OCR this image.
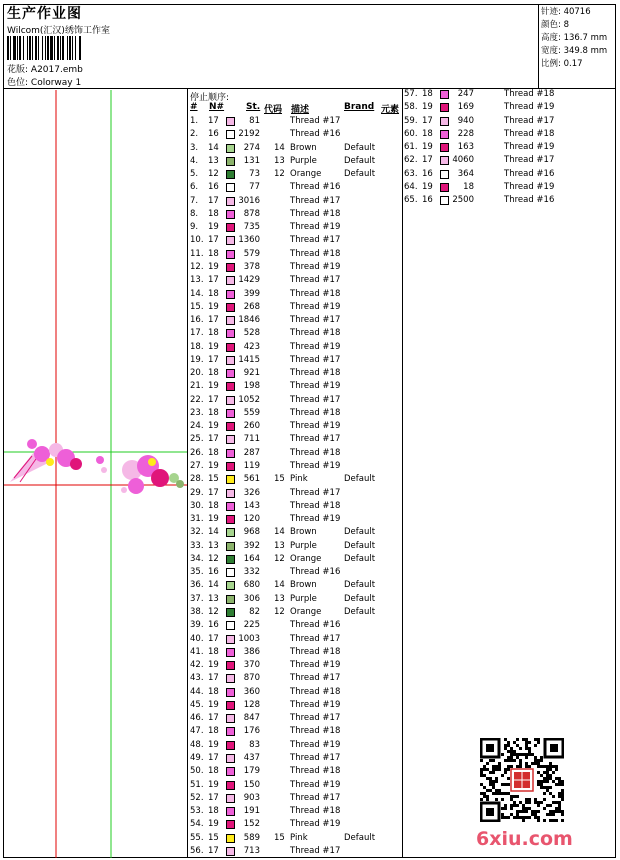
生产作业图
Wilcom(汇汉)绣饰工作室
花版: A2017.emb
色位: Colorway 1
针迹: 40716
颜色: 8
高度: 136.7 mm
宽度: 349.8 mm
比例: 0.17
停止顺序:
# N# St. 代码 描述	Brand 元素
1. 17	81	Thread #17
2. 16 2192	Thread #16
3. 14	274 14 Brown	Default
4. 13	131 13 Purple	Default
5. 12	73 12 Orange	Default
6. 16	77	Thread #16
7. 17 3016	Thread #17
8. 18	878	Thread #18
9. 19	735	Thread #19
10. 17 1360	Thread #17
11. 18	579	Thread #18
12. 19	378	Thread #19
13. 17 1429	Thread #17
14. 18	399	Thread #18
15. 19	268	Thread #19
16. 17 1846	Thread #17
17. 18	528	Thread #18
18. 19	423	Thread #19
19. 17 1415	Thread #17
20. 18	921	Thread #18
21. 19	198	Thread #19
22. 17 1052	Thread #17
23. 18	559	Thread #18
24. 19	260	Thread #19
25. 17	711	Thread #17
26. 18	287	Thread #18
27. 19	119	Thread #19
28. 15	561 15 Pink	Default
29. 17	326	Thread #17
30. 18	143	Thread #18
31. 19	120	Thread #19
32. 14	968 14 Brown	Default
33. 13	392 13 Purple	Default
34. 12	164 12 Orange	Default
35. 16	332	Thread #16
36. 14	680 14 Brown	Default
37. 13	306 13 Purple	Default
38. 12	82 12 Orange	Default
39. 16	225	Thread #16
40. 17 1003	Thread #17
41. 18	386	Thread #18
42. 19	370	Thread #19
43. 17	870	Thread #17
44. 18	360	Thread #18
45. 19	128	Thread #19
46. 17	847	Thread #17
47. 18	176	Thread #18
48. 19	83	Thread #19
49. 17	437	Thread #17
50. 18	179	Thread #18
51. 19	150	Thread #19
52. 17	903	Thread #17
53. 18	191	Thread #18
54. 19	152	Thread #19
55. 15	589 15 Pink	Default
56. 17	713	Thread #17
57. 18	247	Thread #18
58. 19	169	Thread #19
59. 17	940	Thread #17
60. 18	228	Thread #18
61. 19	163	Thread #19
62. 17 4060	Thread #17
63. 16	364	Thread #16
64. 19	18	Thread #19
65. 16 2500	Thread #16
6xiu.com
